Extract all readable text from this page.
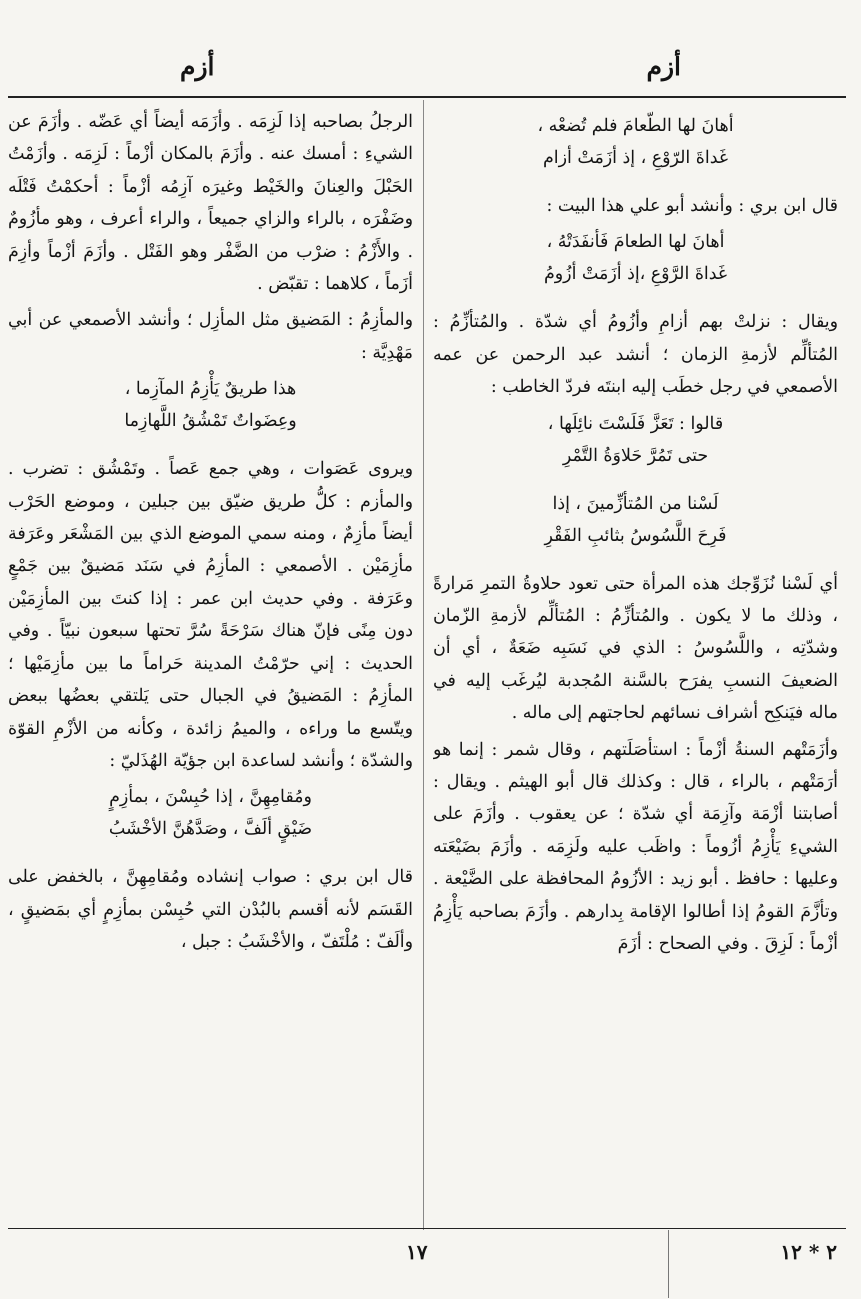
أزم
أزم
أهانَ لها الطّعامَ فلم تُضعْه ،
غَداةَ الرّوْعِ ، إذ أزَمَتْ أزام

قال ابن بري : وأنشد أبو علي هذا البيت :

أهانَ لها الطعامَ فَأنفَدَتْهُ ،
غَداةَ الرَّوْعِ ،إذ أزَمَتْ أزُومُ

ويقال : نزلتْ بهم أزامِ وأزُومُ أي شدّة . والمُتأزِّمُ : المُتألِّم لأزمةِ الزمان ؛ أنشد عبد الرحمن عن عمه الأصمعي في رجل خطَب إليه ابنتَه فردّ الخاطب :

قالوا : تَعَزَّ فَلَسْتَ نائِلَها ،
حتى تَمُرَّ حَلاوَةُ التَّمْرِ
لَسْنا من المُتأزِّمينَ ، إذا
فَرِحَ اللَّسُوسُ بثائبِ الفَقْرِ

أي لَسْنا نُزَوِّجك هذه المرأة حتى تعود حلاوةُ التمرِ مَرارةً ، وذلك ما لا يكون . والمُتأزِّمُ : المُتألِّم لأزمةِ الزّمان وشدّتِه ، واللَّسُوسُ : الذي في نَسَبِه ضَعَةٌ ، أي أن الضعيفَ النسبِ يفرَح بالسَّنة المُجدبة ليُرغَب إليه في ماله فيَنكِح أشراف نسائهم لحاجتهم إلى ماله .

وأزَمَتْهم السنةُ أزْماً : استأصَلَتهم ، وقال شمر : إنما هو أرَمَتْهم ، بالراء ، قال : وكذلك قال أبو الهيثم . ويقال : أصابتنا أزْمَة وآزِمَة أي شدّة ؛ عن يعقوب . وأزَمَ على الشيءِ يَأْزِمُ أزُوماً : واظَب عليه ولَزِمَه . وأزَمَ بضَيْعَته وعليها : حافظ . أبو زيد : الأزُومُ المحافظة على الضَّيْعة . وتأزَّمَ القومُ إذا أطالوا الإقامة بِدارهم . وأزَمَ بصاحبه يَأْزِمُ أزْماً : لَزِقَ . وفي الصحاح : أزَمَ

الرجلُ بصاحبه إذا لَزِمَه . وأزَمَه أيضاً أي عَضّه . وأزَمَ عن الشيءِ : أمسك عنه . وأزَمَ بالمكان أزْماً : لَزِمَه . وأزَمْتُ الحَبْلَ والعِنانَ والخَيْط وغيرَه آزِمُه أزْماً : أحكمْتُ فَتْلَه وضَفْرَه ، بالراء والزاي جميعاً ، والراء أعرف ، وهو مأزُومٌ . والأَزْمُ : ضرْب من الضَّفْر وهو الفَتْل . وأزَمَ أزْماً وأزِمَ أزَماً ، كلاهما : تقبّض .

والمأزِمُ : المَضيق مثل المأزِل ؛ وأنشد الأصمعي عن أبي مَهْدِيَّة :

هذا طريقٌ يَأْزِمُ المآزِما ،
وعِضَواتٌ تَمْشُقُ اللَّهازِما

ويروى عَصَوات ، وهي جمع عَصاً . وتَمْشُق : تضرب . والمأزم : كلُّ طريق ضيّق بين جبلين ، وموضع الحَرْب أيضاً مأزِمٌ ، ومنه سمي الموضع الذي بين المَشْعَر وعَرَفة مأزِمَيْن . الأصمعي : المأزِمُ في سَنَد مَضيقٌ بين جَمْعٍ وعَرَفة . وفي حديث ابن عمر : إذا كنتَ بين المأزِمَيْن دون مِنًى فإنّ هناك سَرْحَةً سُرَّ تحتها سبعون نبيّاً . وفي الحديث : إني حرّمْتُ المدينة حَراماً ما بين مأزِمَيْها ؛ المأزِمُ : المَضيقُ في الجبال حتى يَلتقي بعضُها ببعض ويتّسع ما وراءه ، والميمُ زائدة ، وكأنه من الأزْمِ القوّة والشدّة ؛ وأنشد لساعدة ابن جؤيّة الهُذَليّ :

ومُقامِهِنَّ ، إذا حُبِسْنَ ، بمأزِمٍ
ضَيْقٍ ألَفَّ ، وصَدَّهُنَّ الأخْشَبُ

قال ابن بري : صواب إنشاده ومُقامِهِنَّ ، بالخفض على القَسَم لأنه أقسم بالبُدْن التي حُبِسْن بمأزِمٍ أي بمَضيقٍ ، وألَفّ : مُلْتَفّ ، والأخْشَبُ : جبل ،

١٧	٢ * ١٢
